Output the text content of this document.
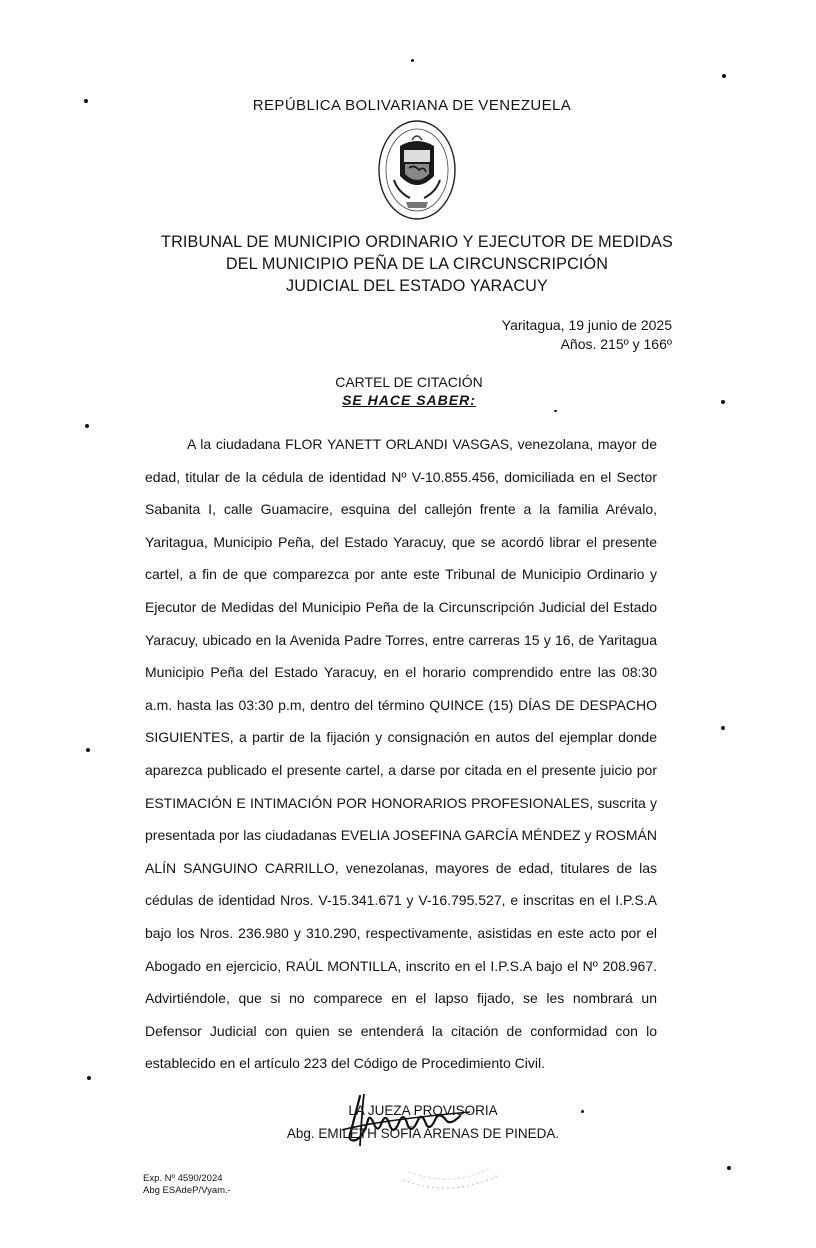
REPÚBLICA BOLIVARIANA DE VENEZUELA
TRIBUNAL DE MUNICIPIO ORDINARIO Y EJECUTOR DE MEDIDAS
DEL MUNICIPIO PEÑA DE LA CIRCUNSCRIPCIÓN
JUDICIAL DEL ESTADO YARACUY
Yaritagua, 19 junio de 2025
Años. 215º y 166º
CARTEL DE CITACIÓN
SE HACE SABER:

A la ciudadana FLOR YANETT ORLANDI VASGAS, venezolana, mayor de edad, titular de la cédula de identidad Nº V-10.855.456, domiciliada en el Sector Sabanita I, calle Guamacire, esquina del callejón frente a la familia Arévalo, Yaritagua, Municipio Peña, del Estado Yaracuy, que se acordó librar el presente cartel, a fin de que comparezca por ante este Tribunal de Municipio Ordinario y Ejecutor de Medidas del Municipio Peña de la Circunscripción Judicial del Estado Yaracuy, ubicado en la Avenida Padre Torres, entre carreras 15 y 16, de Yaritagua Municipio Peña del Estado Yaracuy, en el horario comprendido entre las 08:30 a.m. hasta las 03:30 p.m, dentro del término QUINCE (15) DÍAS DE DESPACHO SIGUIENTES, a partir de la fijación y consignación en autos del ejemplar donde aparezca publicado el presente cartel, a darse por citada en el presente juicio por ESTIMACIÓN E INTIMACIÓN POR HONORARIOS PROFESIONALES, suscrita y presentada por las ciudadanas EVELIA JOSEFINA GARCÍA MÉNDEZ y ROSMÁN ALÍN SANGUINO CARRILLO, venezolanas, mayores de edad, titulares de las cédulas de identidad Nros. V-15.341.671 y V-16.795.527, e inscritas en el I.P.S.A bajo los Nros. 236.980 y 310.290, respectivamente, asistidas en este acto por el Abogado en ejercicio, RAÚL MONTILLA, inscrito en el I.P.S.A bajo el Nº 208.967. Advirtiéndole, que si no comparece en el lapso fijado, se les nombrará un Defensor Judicial con quien se entenderá la citación de conformidad con lo establecido en el artículo 223 del Código de Procedimiento Civil.

LA JUEZA PROVISORIA
Abg. EMILETH SOFÍA ARENAS DE PINEDA.
Exp. Nº 4590/2024
Abg ESAdeP/Vyam.-
